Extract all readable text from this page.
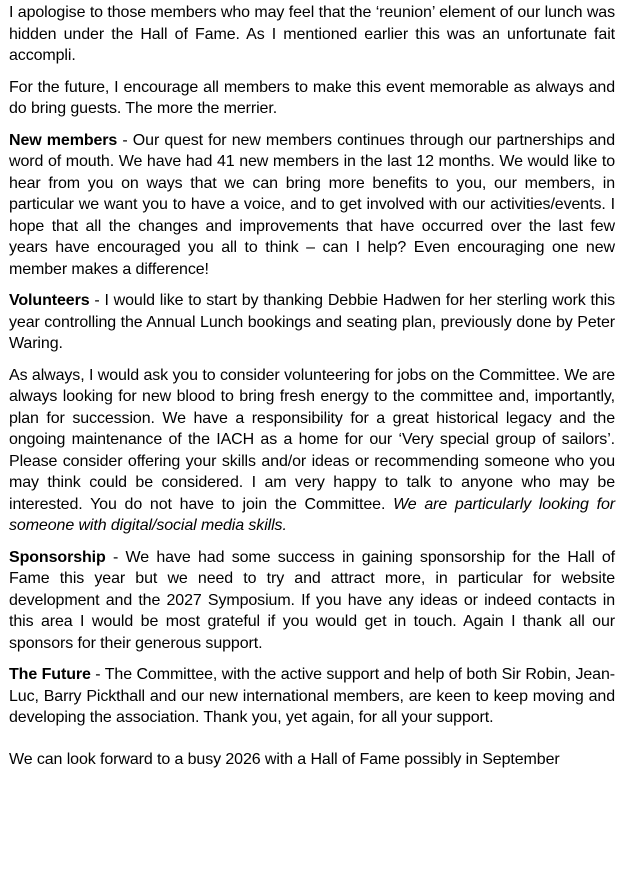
I apologise to those members who may feel that the ‘reunion’ element of our lunch was hidden under the Hall of Fame. As I mentioned earlier this was an unfortunate fait accompli.

For the future, I encourage all members to make this event memorable as always and do bring guests. The more the merrier.

New members - Our quest for new members continues through our partnerships and word of mouth. We have had 41 new members in the last 12 months. We would like to hear from you on ways that we can bring more benefits to you, our members, in particular we want you to have a voice, and to get involved with our activities/events. I hope that all the changes and improvements that have occurred over the last few years have encouraged you all to think – can I help? Even encouraging one new member makes a difference!

Volunteers - I would like to start by thanking Debbie Hadwen for her sterling work this year controlling the Annual Lunch bookings and seating plan, previously done by Peter Waring.

As always, I would ask you to consider volunteering for jobs on the Committee. We are always looking for new blood to bring fresh energy to the committee and, importantly, plan for succession. We have a responsibility for a great historical legacy and the ongoing maintenance of the IACH as a home for our ‘Very special group of sailors’. Please consider offering your skills and/or ideas or recommending someone who you may think could be considered. I am very happy to talk to anyone who may be interested. You do not have to join the Committee. We are particularly looking for someone with digital/social media skills.

Sponsorship - We have had some success in gaining sponsorship for the Hall of Fame this year but we need to try and attract more, in particular for website development and the 2027 Symposium. If you have any ideas or indeed contacts in this area I would be most grateful if you would get in touch. Again I thank all our sponsors for their generous support.

The Future - The Committee, with the active support and help of both Sir Robin, Jean-Luc, Barry Pickthall and our new international members, are keen to keep moving and developing the association. Thank you, yet again, for all your support.

We can look forward to a busy 2026 with a Hall of Fame possibly in September
